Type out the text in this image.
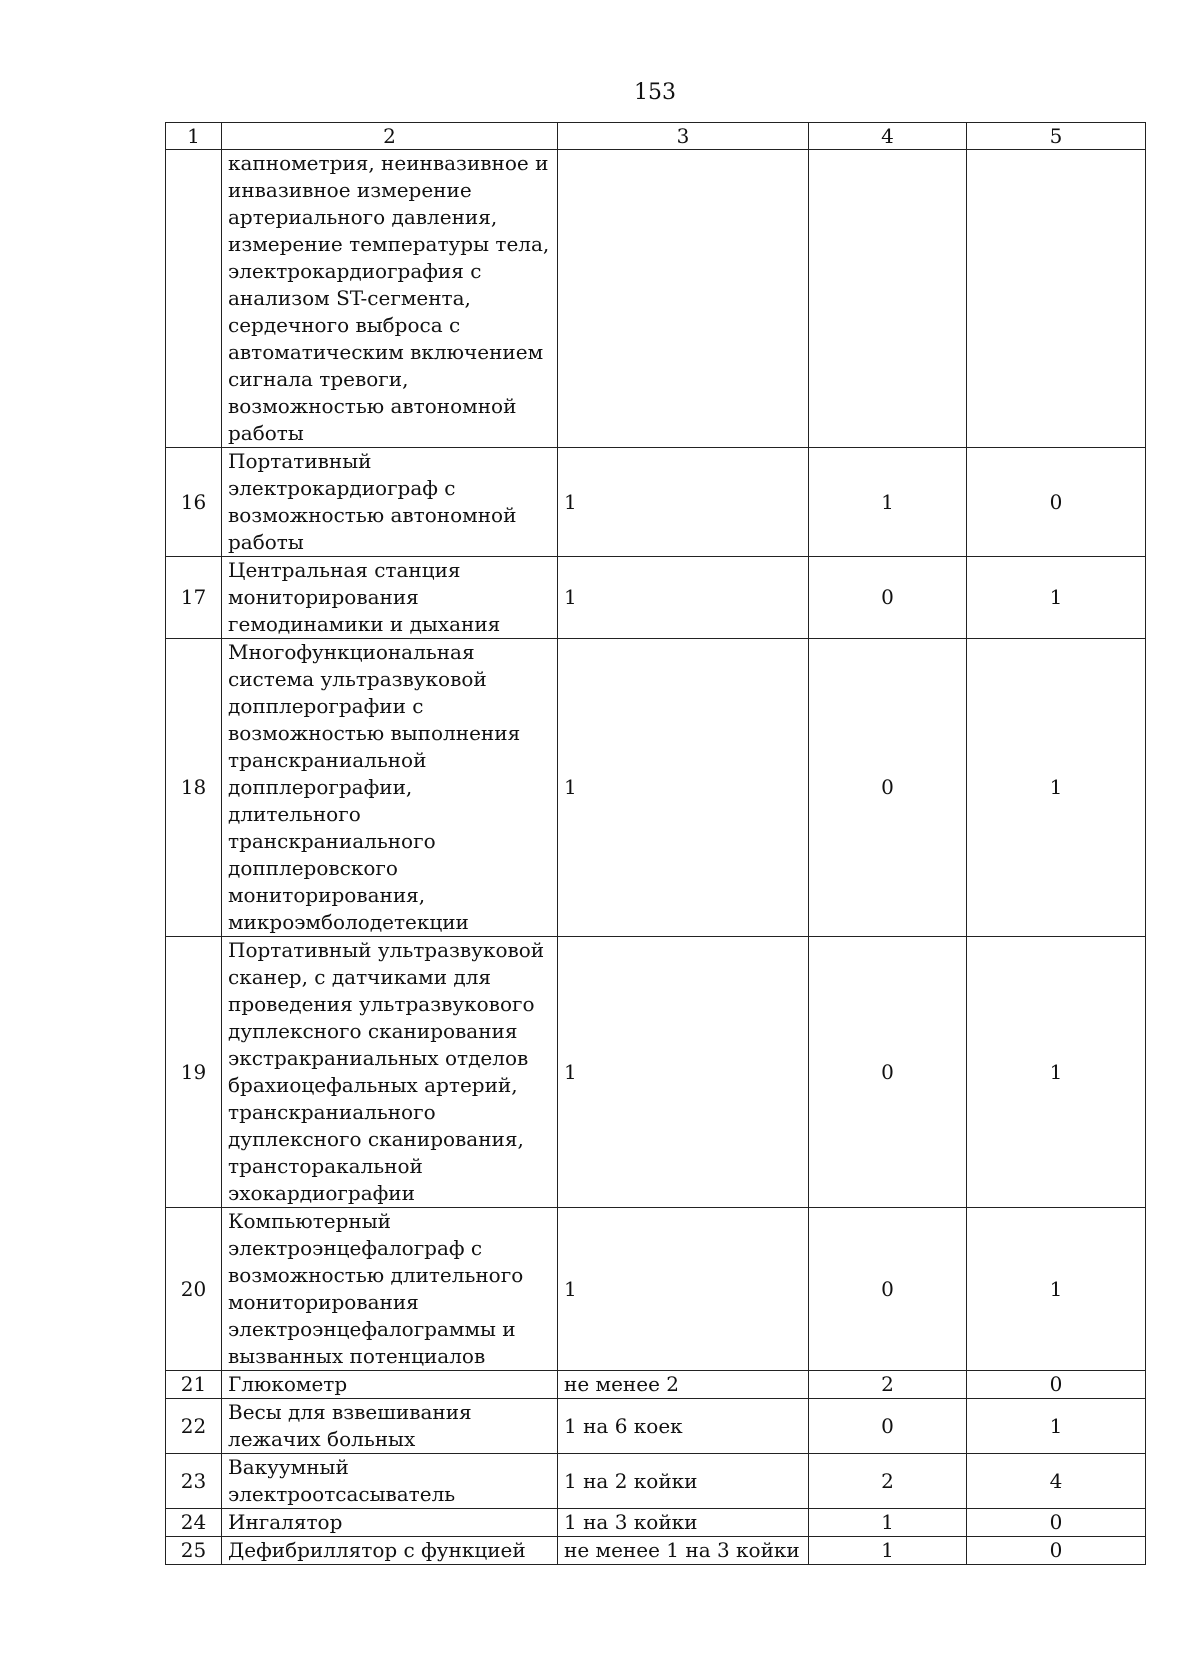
153
1	2	3	4	5
	капнометрия, неинвазивное и инвазивное измерение артериального давления, измерение температуры тела, электрокардиография с анализом ST-сегмента, сердечного выброса с автоматическим включением сигнала тревоги, возможностью автономной работы			
16	Портативный электрокардиограф с возможностью автономной работы	1	1	0
17	Центральная станция мониторирования гемодинамики и дыхания	1	0	1
18	Многофункциональная система ультразвуковой допплерографии с возможностью выполнения транскраниальной допплерографии, длительного транскраниального допплеровского мониторирования, микроэмболодетекции	1	0	1
19	Портативный ультразвуковой сканер, с датчиками для проведения ультразвукового дуплексного сканирования экстракраниальных отделов брахиоцефальных артерий, транскраниального дуплексного сканирования, трансторакальной эхокардиографии	1	0	1
20	Компьютерный электроэнцефалограф с возможностью длительного мониторирования электроэнцефалограммы и вызванных потенциалов	1	0	1
21	Глюкометр	не менее 2	2	0
22	Весы для взвешивания лежачих больных	1 на 6 коек	0	1
23	Вакуумный электроотсасыватель	1 на 2 койки	2	4
24	Ингалятор	1 на 3 койки	1	0
25	Дефибриллятор с функцией	не менее 1 на 3 койки	1	0
